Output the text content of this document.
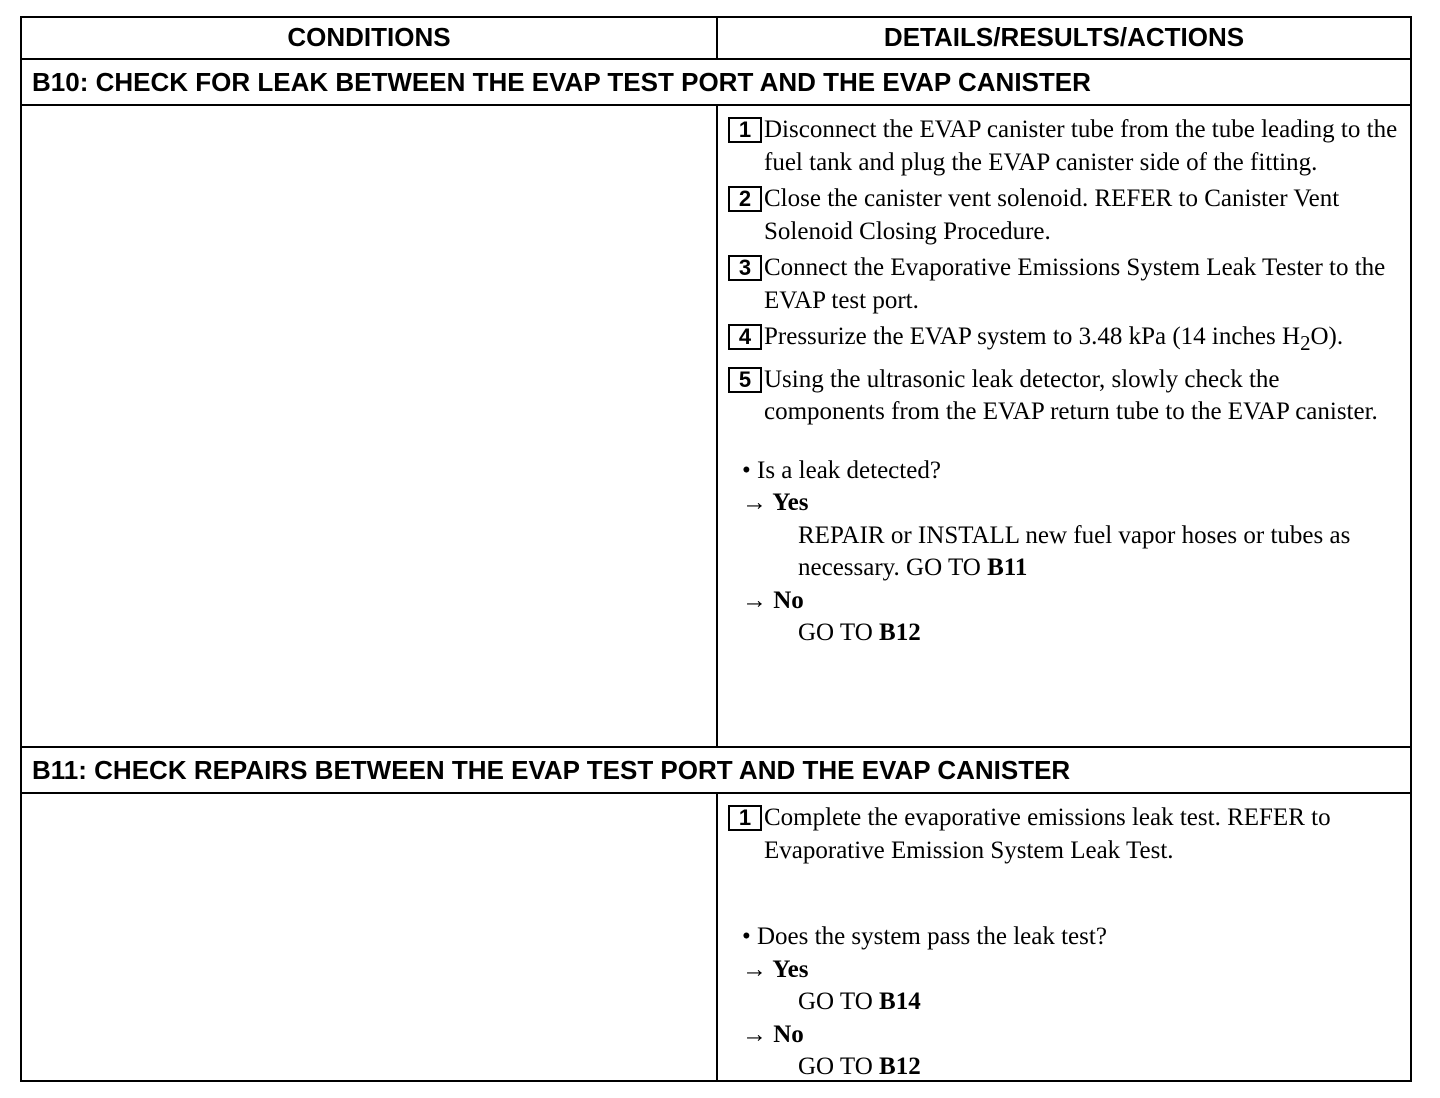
CONDITIONS	DETAILS/RESULTS/ACTIONS
B10: CHECK FOR LEAK BETWEEN THE EVAP TEST PORT AND THE EVAP CANISTER
1 Disconnect the EVAP canister tube from the tube leading to the fuel tank and plug the EVAP canister side of the fitting.
2 Close the canister vent solenoid. REFER to Canister Vent Solenoid Closing Procedure.
3 Connect the Evaporative Emissions System Leak Tester to the EVAP test port.
4 Pressurize the EVAP system to 3.48 kPa (14 inches $H_2O$).
5 Using the ultrasonic leak detector, slowly check the components from the EVAP return tube to the EVAP canister.
• Is a leak detected?
→ Yes
REPAIR or INSTALL new fuel vapor hoses or tubes as necessary. GO TO B11
→ No
GO TO B12
B11: CHECK REPAIRS BETWEEN THE EVAP TEST PORT AND THE EVAP CANISTER
1 Complete the evaporative emissions leak test. REFER to Evaporative Emission System Leak Test.
• Does the system pass the leak test?
→ Yes
GO TO B14
→ No
GO TO B12
